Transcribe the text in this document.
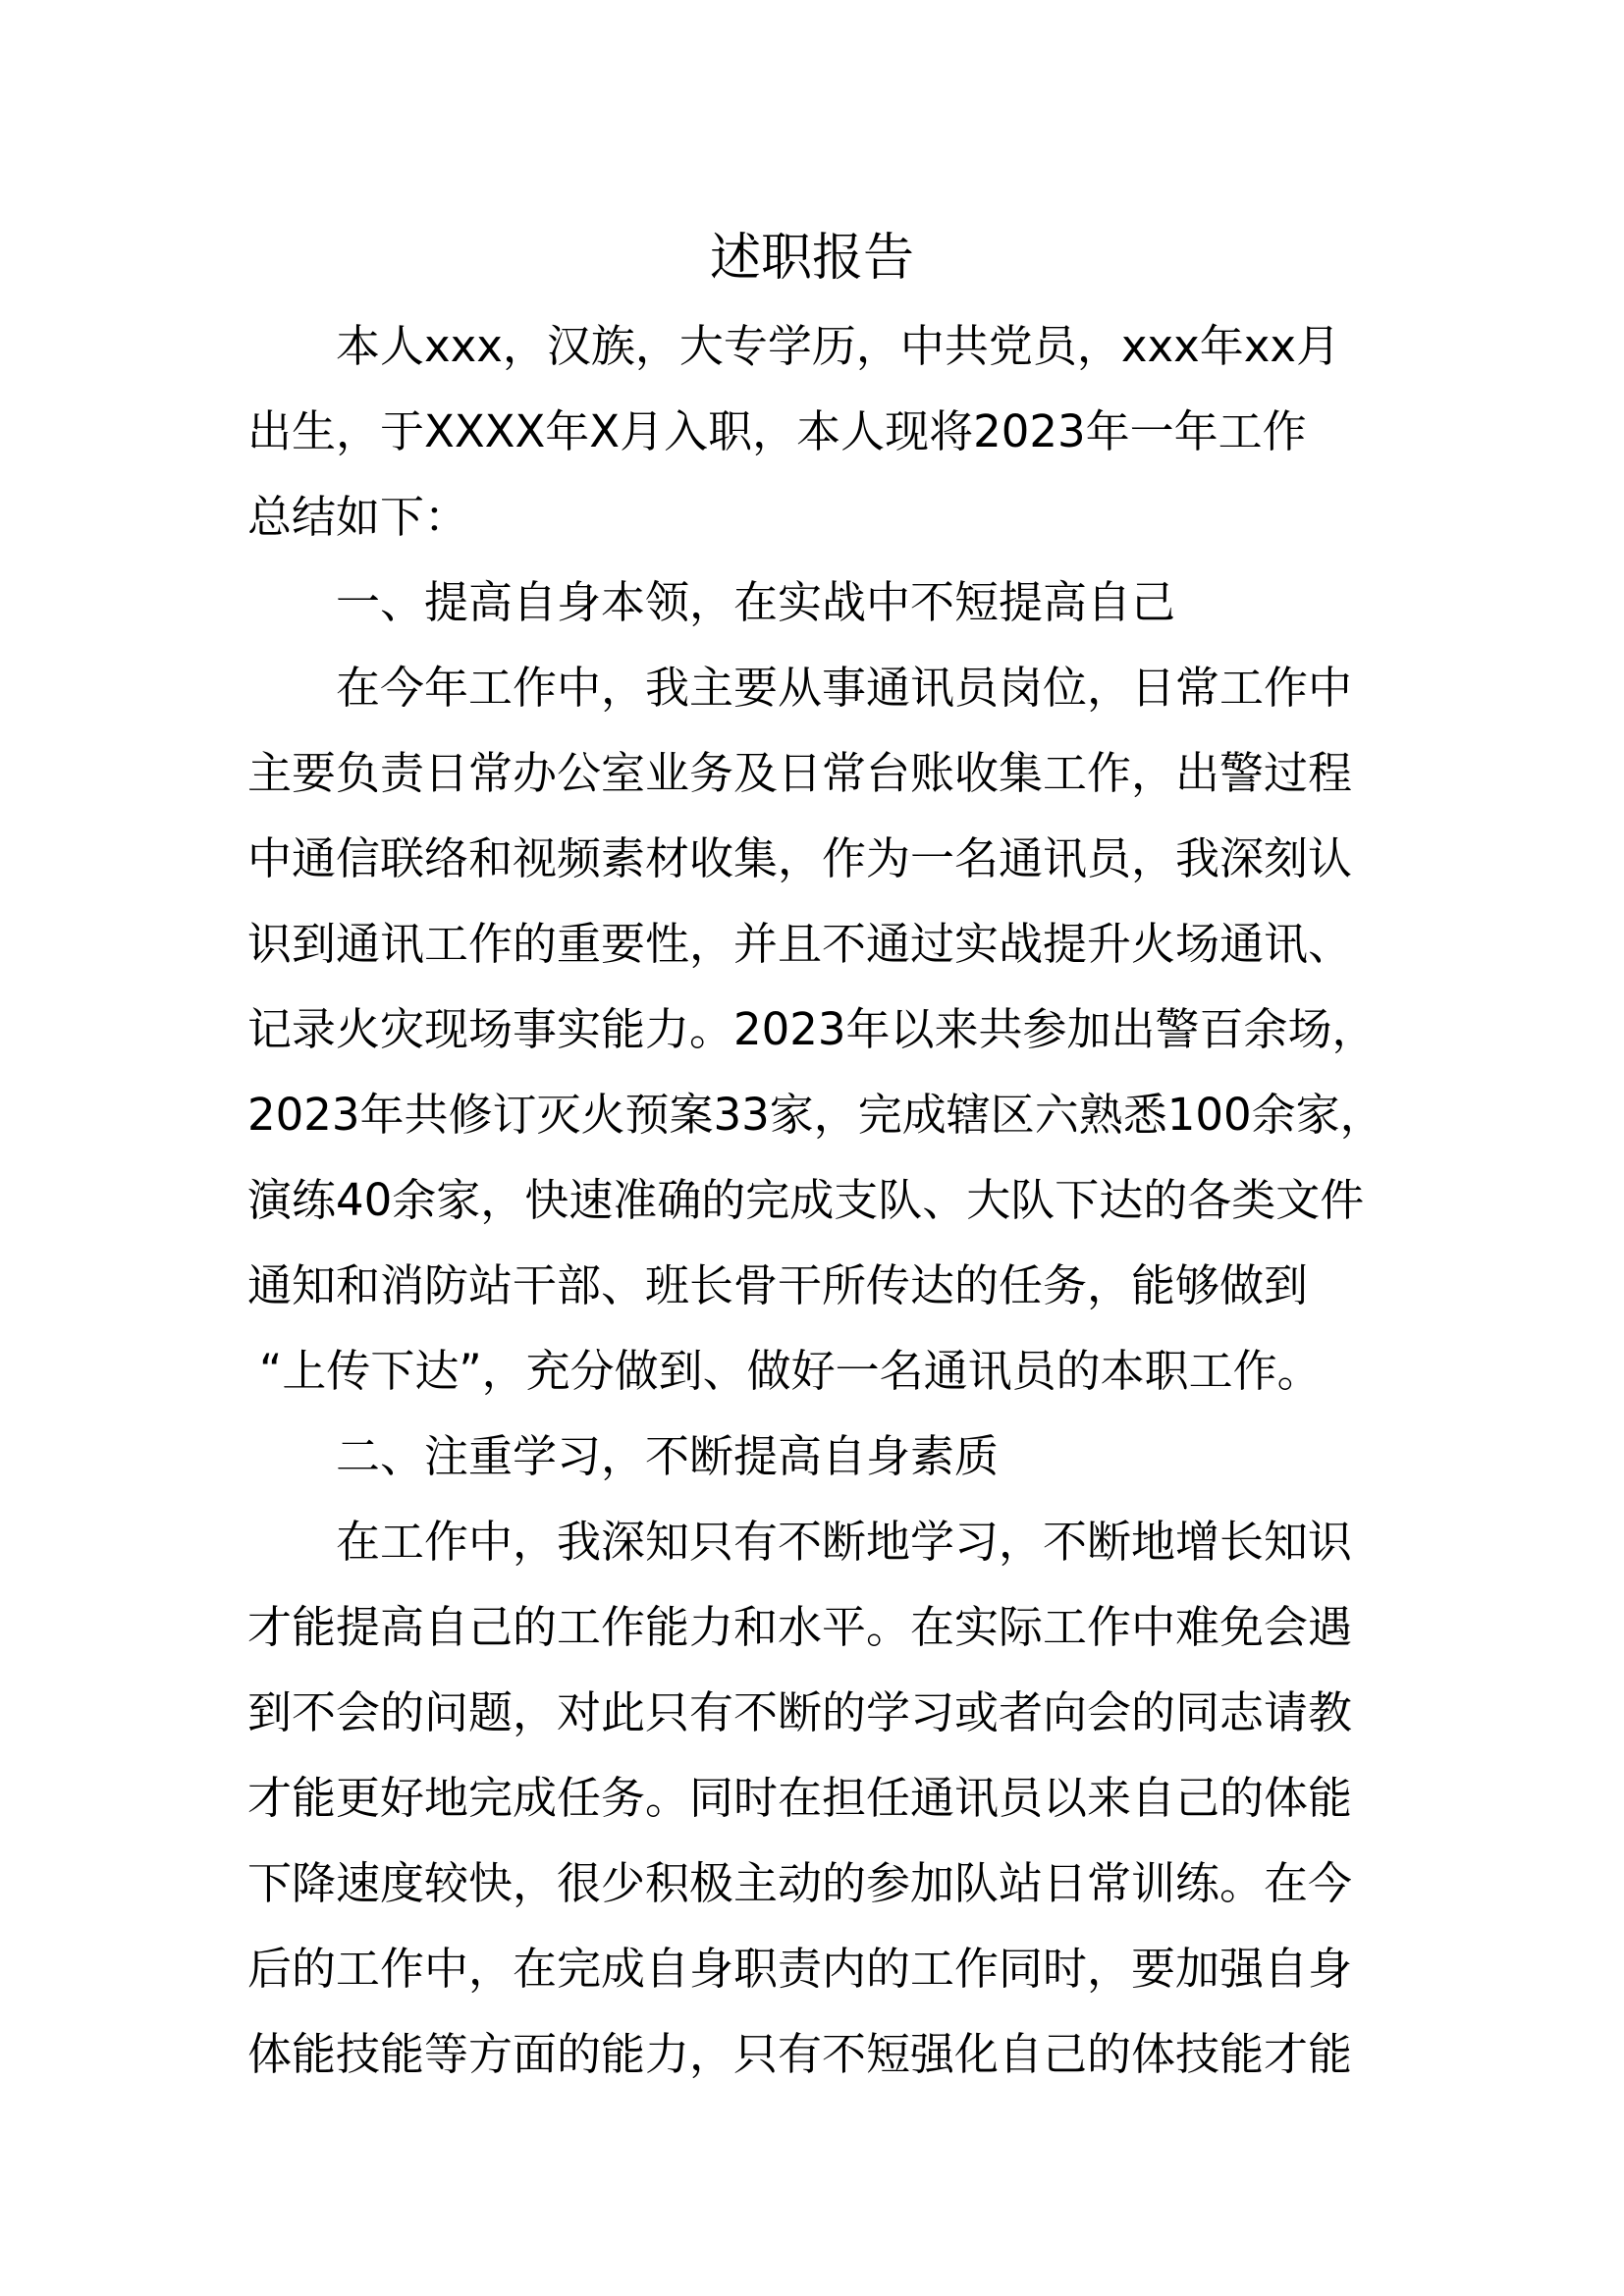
述职报告
本人xxx，汉族，大专学历，中共党员，xxx年xx月
出生，于XXXX年X月入职，本人现将2023年一年工作
总结如下：
一、提高自身本领，在实战中不短提高自己
在今年工作中，我主要从事通讯员岗位，日常工作中
主要负责日常办公室业务及日常台账收集工作，出警过程
中通信联络和视频素材收集，作为一名通讯员，我深刻认
识到通讯工作的重要性，并且不通过实战提升火场通讯、
记录火灾现场事实能力。2023年以来共参加出警百余场，
2023年共修订灭火预案33家，完成辖区六熟悉100余家，
演练40余家，快速准确的完成支队、大队下达的各类文件
通知和消防站干部、班长骨干所传达的任务，能够做到
“上传下达”，充分做到、做好一名通讯员的本职工作。
二、注重学习，不断提高自身素质
在工作中，我深知只有不断地学习，不断地增长知识
才能提高自己的工作能力和水平。在实际工作中难免会遇
到不会的问题，对此只有不断的学习或者向会的同志请教
才能更好地完成任务。同时在担任通讯员以来自己的体能
下降速度较快，很少积极主动的参加队站日常训练。在今
后的工作中，在完成自身职责内的工作同时，要加强自身
体能技能等方面的能力，只有不短强化自己的体技能才能
